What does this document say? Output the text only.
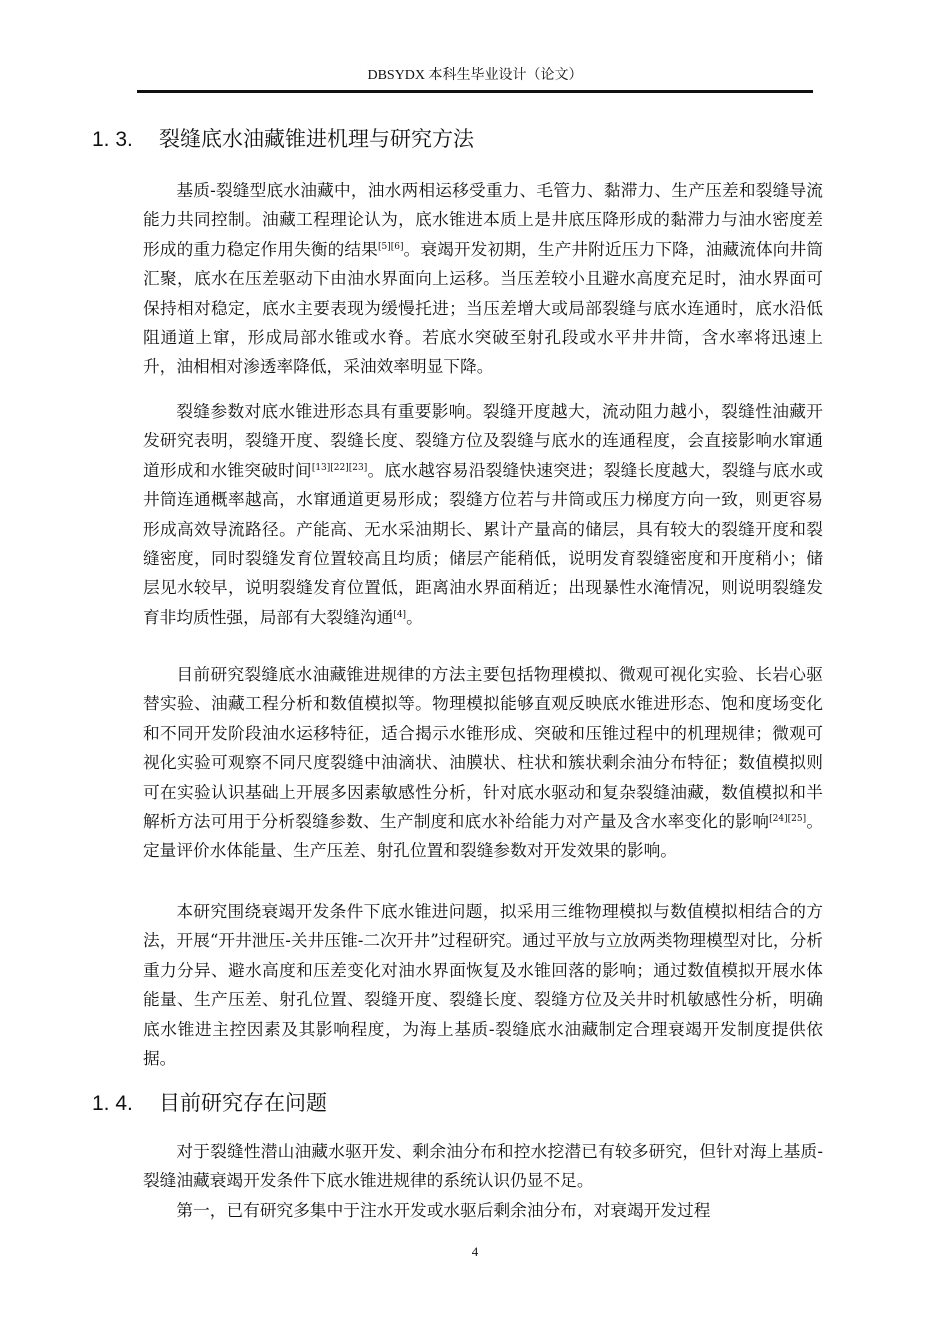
DBSYDX 本科生毕业设计（论文）
1. 3. 裂缝底水油藏锥进机理与研究方法

基质-裂缝型底水油藏中，油水两相运移受重力、毛管力、黏滞力、生产压差和裂缝导流能力共同控制。油藏工程理论认为，底水锥进本质上是井底压降形成的黏滞力与油水密度差形成的重力稳定作用失衡的结果[5][6]。衰竭开发初期，生产井附近压力下降，油藏流体向井筒汇聚，底水在压差驱动下由油水界面向上运移。当压差较小且避水高度充足时，油水界面可保持相对稳定，底水主要表现为缓慢托进；当压差增大或局部裂缝与底水连通时，底水沿低阻通道上窜，形成局部水锥或水脊。若底水突破至射孔段或水平井井筒，含水率将迅速上升，油相相对渗透率降低，采油效率明显下降。

裂缝参数对底水锥进形态具有重要影响。裂缝开度越大，流动阻力越小，裂缝性油藏开发研究表明，裂缝开度、裂缝长度、裂缝方位及裂缝与底水的连通程度，会直接影响水窜通道形成和水锥突破时间[13][22][23]。底水越容易沿裂缝快速突进；裂缝长度越大，裂缝与底水或井筒连通概率越高，水窜通道更易形成；裂缝方位若与井筒或压力梯度方向一致，则更容易形成高效导流路径。产能高、无水采油期长、累计产量高的储层，具有较大的裂缝开度和裂缝密度，同时裂缝发育位置较高且均质；储层产能稍低，说明发育裂缝密度和开度稍小；储层见水较早，说明裂缝发育位置低，距离油水界面稍近；出现暴性水淹情况，则说明裂缝发育非均质性强，局部有大裂缝沟通[4]。

目前研究裂缝底水油藏锥进规律的方法主要包括物理模拟、微观可视化实验、长岩心驱替实验、油藏工程分析和数值模拟等。物理模拟能够直观反映底水锥进形态、饱和度场变化和不同开发阶段油水运移特征，适合揭示水锥形成、突破和压锥过程中的机理规律；微观可视化实验可观察不同尺度裂缝中油滴状、油膜状、柱状和簇状剩余油分布特征；数值模拟则可在实验认识基础上开展多因素敏感性分析，针对底水驱动和复杂裂缝油藏，数值模拟和半解析方法可用于分析裂缝参数、生产制度和底水补给能力对产量及含水率变化的影响[24][25]。定量评价水体能量、生产压差、射孔位置和裂缝参数对开发效果的影响。

本研究围绕衰竭开发条件下底水锥进问题，拟采用三维物理模拟与数值模拟相结合的方法，开展“开井泄压-关井压锥-二次开井”过程研究。通过平放与立放两类物理模型对比，分析重力分异、避水高度和压差变化对油水界面恢复及水锥回落的影响；通过数值模拟开展水体能量、生产压差、射孔位置、裂缝开度、裂缝长度、裂缝方位及关井时机敏感性分析，明确底水锥进主控因素及其影响程度，为海上基质-裂缝底水油藏制定合理衰竭开发制度提供依据。

1. 4. 目前研究存在问题

对于裂缝性潜山油藏水驱开发、剩余油分布和控水挖潜已有较多研究，但针对海上基质-裂缝油藏衰竭开发条件下底水锥进规律的系统认识仍显不足。

第一，已有研究多集中于注水开发或水驱后剩余油分布，对衰竭开发过程

4
